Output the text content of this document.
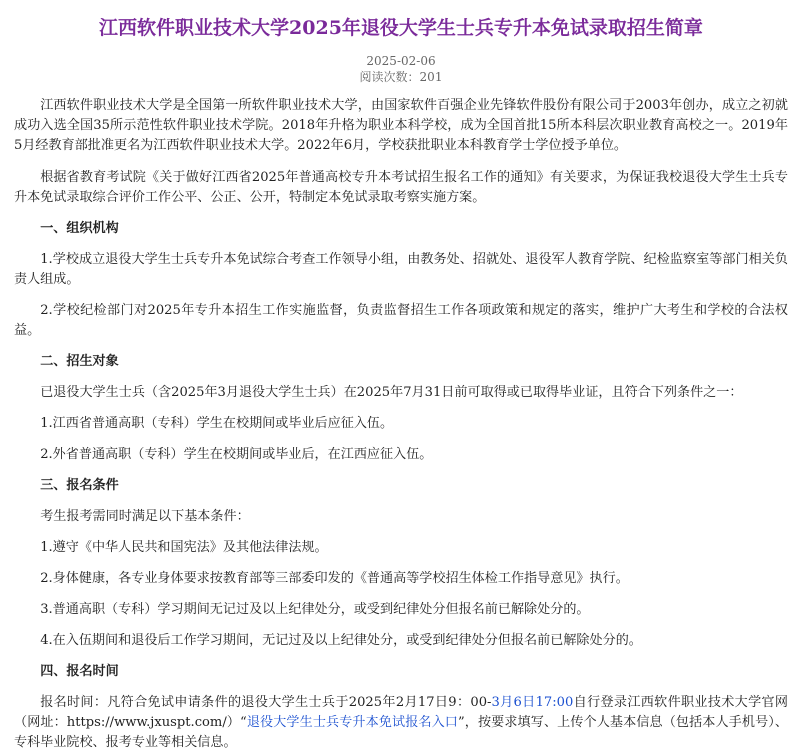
江西软件职业技术大学2025年退役大学生士兵专升本免试录取招生简章
2025-02-06
阅读次数：201

江西软件职业技术大学是全国第一所软件职业技术大学，由国家软件百强企业先锋软件股份有限公司于2003年创办，成立之初就成功入选全国35所示范性软件职业技术学院。2018年升格为职业本科学校，成为全国首批15所本科层次职业教育高校之一。2019年5月经教育部批准更名为江西软件职业技术大学。2022年6月，学校获批职业本科教育学士学位授予单位。

根据省教育考试院《关于做好江西省2025年普通高校专升本考试招生报名工作的通知》有关要求，为保证我校退役大学生士兵专升本免试录取综合评价工作公平、公正、公开，特制定本免试录取考察实施方案。

一、组织机构

1.学校成立退役大学生士兵专升本免试综合考查工作领导小组，由教务处、招就处、退役军人教育学院、纪检监察室等部门相关负责人组成。

2.学校纪检部门对2025年专升本招生工作实施监督，负责监督招生工作各项政策和规定的落实，维护广大考生和学校的合法权益。

二、招生对象

已退役大学生士兵（含2025年3月退役大学生士兵）在2025年7月31日前可取得或已取得毕业证，且符合下列条件之一：

1.江西省普通高职（专科）学生在校期间或毕业后应征入伍。

2.外省普通高职（专科）学生在校期间或毕业后，在江西应征入伍。

三、报名条件

考生报考需同时满足以下基本条件：

1.遵守《中华人民共和国宪法》及其他法律法规。

2.身体健康，各专业身体要求按教育部等三部委印发的《普通高等学校招生体检工作指导意见》执行。

3.普通高职（专科）学习期间无记过及以上纪律处分，或受到纪律处分但报名前已解除处分的。

4.在入伍期间和退役后工作学习期间，无记过及以上纪律处分，或受到纪律处分但报名前已解除处分的。

四、报名时间

报名时间：凡符合免试申请条件的退役大学生士兵于2025年2月17日9：00-3月6日17:00自行登录江西软件职业技术大学官网（网址：https://www.jxuspt.com/）“退役大学生士兵专升本免试报名入口”，按要求填写、上传个人基本信息（包括本人手机号）、专科毕业院校、报考专业等相关信息。
